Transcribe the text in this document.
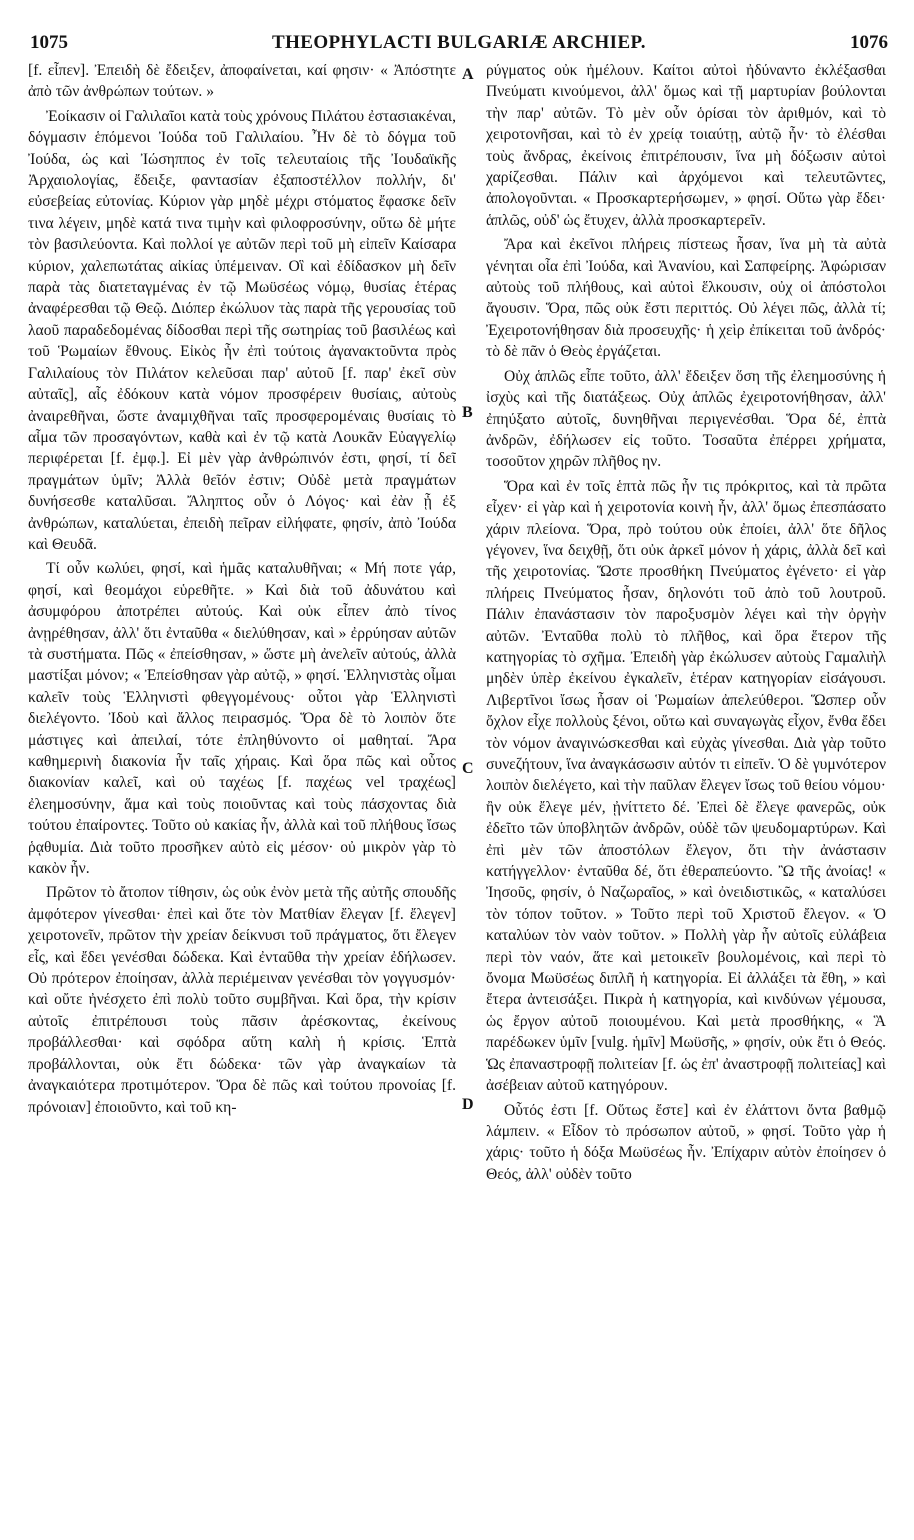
1075	THEOPHYLACTI BULGARIÆ ARCHIEP.	1076

[f. εἶπεν]. Ἐπειδὴ δὲ ἔδειξεν, ἀποφαίνεται, καί φησιν· « Ἀπόστητε ἀπὸ τῶν ἀνθρώπων τούτων. »

Ἐοίκασιν οἱ Γαλιλαῖοι κατὰ τοὺς χρόνους Πιλάτου ἐστασιακέναι, δόγμασιν ἑπόμενοι Ἰούδα τοῦ Γαλιλαίου. Ἦν δὲ τὸ δόγμα τοῦ Ἰούδα, ὡς καὶ Ἰώσηππος ἐν τοῖς τελευταίοις τῆς Ἰουδαϊκῆς Ἀρχαιολογίας, ἔδειξε, φαντασίαν ἐξαποστέλλον πολλήν, δι' εὐσεβείας εὐτονίας. Κύριον γὰρ μηδὲ μέχρι στόματος ἔφασκε δεῖν τινα λέγειν, μηδὲ κατά τινα τιμὴν καὶ φιλοφροσύνην, οὕτω δὲ μήτε τὸν βασιλεύοντα. Καὶ πολλοί γε αὐτῶν περὶ τοῦ μὴ εἰπεῖν Καίσαρα κύριον, χαλεπωτάτας αἰκίας ὑπέμειναν. Οἳ καὶ ἐδίδασκον μὴ δεῖν παρὰ τὰς διατεταγμένας ἐν τῷ Μωϋσέως νόμῳ, θυσίας ἑτέρας ἀναφέρεσθαι τῷ Θεῷ. Διόπερ ἐκώλυον τὰς παρὰ τῆς γερουσίας τοῦ λαοῦ παραδεδομένας δίδοσθαι περὶ τῆς σωτηρίας τοῦ βασιλέως καὶ τοῦ Ῥωμαίων ἔθνους. Εἰκὸς ἦν ἐπὶ τούτοις ἀγανακτοῦντα πρὸς Γαλιλαίους τὸν Πιλάτον κελεῦσαι παρ' αὐτοῦ [f. παρ' ἐκεῖ σὺν αὐταῖς], αἷς ἐδόκουν κατὰ νόμον προσφέρειν θυσίαις, αὐτοὺς ἀναιρεθῆναι, ὥστε ἀναμιχθῆναι ταῖς προσφερομέναις θυσίαις τὸ αἷμα τῶν προσαγόντων, καθὰ καὶ ἐν τῷ κατὰ Λουκᾶν Εὐαγγελίῳ περιφέρεται [f. ἐμφ.]. Εἰ μὲν γὰρ ἀνθρώπινόν ἐστι, φησί, τί δεῖ πραγμάτων ὑμῖν; Ἀλλὰ θεῖόν ἐστιν; Οὐδὲ μετὰ πραγμάτων δυνήσεσθε καταλῦσαι. Ἄληπτος οὖν ὁ Λόγος· καὶ ἐὰν ᾖ ἐξ ἀνθρώπων, καταλύεται, ἐπειδὴ πεῖραν εἰλήφατε, φησίν, ἀπὸ Ἰούδα καὶ Θευδᾶ.

Τί οὖν κωλύει, φησί, καὶ ἡμᾶς καταλυθῆναι; « Μή ποτε γάρ, φησί, καὶ θεομάχοι εὑρεθῆτε. » Καὶ διὰ τοῦ ἀδυνάτου καὶ ἀσυμφόρου ἀποτρέπει αὐτούς. Καὶ οὐκ εἶπεν ἀπὸ τίνος ἀνῃρέθησαν, ἀλλ' ὅτι ἐνταῦθα « διελύθησαν, καὶ » ἐρρύησαν αὐτῶν τὰ συστήματα. Πῶς « ἐπείσθησαν, » ὥστε μὴ ἀνελεῖν αὐτούς, ἀλλὰ μαστίξαι μόνον; « Ἐπείσθησαν γὰρ αὐτῷ, » φησί. Ἑλληνιστὰς οἶμαι καλεῖν τοὺς Ἑλληνιστὶ φθεγγομένους· οὗτοι γὰρ Ἑλληνιστὶ διελέγοντο. Ἰδοὺ καὶ ἄλλος πειρασμός. Ὅρα δὲ τὸ λοιπὸν ὅτε μάστιγες καὶ ἀπειλαί, τότε ἐπληθύνοντο οἱ μαθηταί. Ἄρα καθημερινὴ διακονία ἦν ταῖς χήραις. Καὶ ὅρα πῶς καὶ οὗτος διακονίαν καλεῖ, καὶ οὐ ταχέως [f. παχέως vel τραχέως] ἐλεημοσύνην, ἅμα καὶ τοὺς ποιοῦντας καὶ τοὺς πάσχοντας διὰ τούτου ἐπαίροντες. Τοῦτο οὐ κακίας ἦν, ἀλλὰ καὶ τοῦ πλήθους ἴσως ῥᾳθυμία. Διὰ τοῦτο προσῆκεν αὐτὸ εἰς μέσον· οὐ μικρὸν γὰρ τὸ κακὸν ἦν.

Πρῶτον τὸ ἄτοπον τίθησιν, ὡς οὐκ ἐνὸν μετὰ τῆς αὐτῆς σπουδῆς ἀμφότερον γίνεσθαι· ἐπεὶ καὶ ὅτε τὸν Ματθίαν ἔλεγαν [f. ἔλεγεν] χειροτονεῖν, πρῶτον τὴν χρείαν δείκνυσι τοῦ πράγματος, ὅτι ἔλεγεν εἷς, καὶ ἔδει γενέσθαι δώδεκα. Καὶ ἐνταῦθα τὴν χρείαν ἐδήλωσεν. Οὐ πρότερον ἐποίησαν, ἀλλὰ περιέμειναν γενέσθαι τὸν γογγυσμόν· καὶ οὔτε ἠνέσχετο ἐπὶ πολὺ τοῦτο συμβῆναι. Καὶ ὅρα, τὴν κρίσιν αὐτοῖς ἐπιτρέπουσι τοὺς πᾶσιν ἀρέσκοντας, ἐκείνους προβάλλεσθαι· καὶ σφόδρα αὕτη καλὴ ἡ κρίσις. Ἑπτὰ προβάλλονται, οὐκ ἔτι δώδεκα· τῶν γὰρ ἀναγκαίων τὰ ἀναγκαιότερα προτιμότερον. Ὅρα δὲ πῶς καὶ τούτου προνοίας [f. πρόνοιαν] ἐποιοῦντο, καὶ τοῦ κη-

A
B
C
D

ρύγματος οὐκ ἠμέλουν. Καίτοι αὐτοὶ ἠδύναντο ἐκλέξασθαι Πνεύματι κινούμενοι, ἀλλ' ὅμως καὶ τῇ μαρτυρίαν βούλονται τὴν παρ' αὐτῶν. Τὸ μὲν οὖν ὁρίσαι τὸν ἀριθμόν, καὶ τὸ χειροτονῆσαι, καὶ τὸ ἐν χρείᾳ τοιαύτῃ, αὐτῷ ἦν· τὸ ἐλέσθαι τοὺς ἄνδρας, ἐκείνοις ἐπιτρέπουσιν, ἵνα μὴ δόξωσιν αὐτοὶ χαρίζεσθαι. Πάλιν καὶ ἀρχόμενοι καὶ τελευτῶντες, ἀπολογοῦνται. « Προσκαρτερήσωμεν, » φησί. Οὕτω γὰρ ἔδει· ἁπλῶς, οὐδ' ὡς ἔτυχεν, ἀλλὰ προσκαρτερεῖν.

Ἄρα καὶ ἐκεῖνοι πλήρεις πίστεως ἦσαν, ἵνα μὴ τὰ αὐτὰ γένηται οἷα ἐπὶ Ἰούδα, καὶ Ἀνανίου, καὶ Σαπφείρης. Ἀφώρισαν αὐτοὺς τοῦ πλήθους, καὶ αὐτοὶ ἕλκουσιν, οὐχ οἱ ἀπόστολοι ἄγουσιν. Ὅρα, πῶς οὐκ ἔστι περιττός. Οὐ λέγει πῶς, ἀλλὰ τί; Ἐχειροτονήθησαν διὰ προσευχῆς· ἡ χεὶρ ἐπίκειται τοῦ ἀνδρός· τὸ δὲ πᾶν ὁ Θεὸς ἐργάζεται.

Οὐχ ἁπλῶς εἶπε τοῦτο, ἀλλ' ἔδειξεν ὅση τῆς ἐλεημοσύνης ἡ ἰσχὺς καὶ τῆς διατάξεως. Οὐχ ἁπλῶς ἐχειροτονήθησαν, ἀλλ' ἐπηύξατο αὐτοῖς, δυνηθῆναι περιγενέσθαι. Ὅρα δέ, ἐπτὰ ἀνδρῶν, ἐδήλωσεν εἰς τοῦτο. Τοσαῦτα ἐπέρρει χρήματα, τοσοῦτον χηρῶν πλῆθος ην.

Ὅρα καὶ ἐν τοῖς ἑπτὰ πῶς ἦν τις πρόκριτος, καὶ τὰ πρῶτα εἶχεν· εἰ γὰρ καὶ ἡ χειροτονία κοινὴ ἦν, ἀλλ' ὅμως ἐπεσπάσατο χάριν πλείονα. Ὅρα, πρὸ τούτου οὐκ ἐποίει, ἀλλ' ὅτε δῆλος γέγονεν, ἵνα δειχθῇ, ὅτι οὐκ ἀρκεῖ μόνον ἡ χάρις, ἀλλὰ δεῖ καὶ τῆς χειροτονίας. Ὥστε προσθήκη Πνεύματος ἐγένετο· εἰ γὰρ πλήρεις Πνεύματος ἦσαν, δηλονότι τοῦ ἀπὸ τοῦ λουτροῦ. Πάλιν ἐπανάστασιν τὸν παροξυσμὸν λέγει καὶ τὴν ὀργὴν αὐτῶν. Ἐνταῦθα πολὺ τὸ πλῆθος, καὶ ὅρα ἕτερον τῆς κατηγορίας τὸ σχῆμα. Ἐπειδὴ γὰρ ἐκώλυσεν αὐτοὺς Γαμαλιὴλ μηδὲν ὑπὲρ ἐκείνου ἐγκαλεῖν, ἑτέραν κατηγορίαν εἰσάγουσι. Λιβερτῖνοι ἴσως ἦσαν οἱ Ῥωμαίων ἀπελεύθεροι. Ὥσπερ οὖν ὄχλον εἶχε πολλοὺς ξένοι, οὕτω καὶ συναγωγὰς εἶχον, ἔνθα ἔδει τὸν νόμον ἀναγινώσκεσθαι καὶ εὐχὰς γίνεσθαι. Διὰ γὰρ τοῦτο συνεζήτουν, ἵνα ἀναγκάσωσιν αὐτόν τι εἰπεῖν. Ὁ δὲ γυμνότερον λοιπὸν διελέγετο, καὶ τὴν παῦλαν ἔλεγεν ἴσως τοῦ θείου νόμου· ἢν οὐκ ἔλεγε μέν, ᾐνίττετο δέ. Ἐπεὶ δὲ ἔλεγε φανερῶς, οὐκ ἐδεῖτο τῶν ὑποβλητῶν ἀνδρῶν, οὐδὲ τῶν ψευδομαρτύρων. Καὶ ἐπὶ μὲν τῶν ἀποστόλων ἔλεγον, ὅτι τὴν ἀνάστασιν κατήγγελλον· ἐνταῦθα δέ, ὅτι ἐθεραπεύοντο. Ὢ τῆς ἀνοίας! « Ἰησοῦς, φησίν, ὁ Ναζωραῖος, » καὶ ὀνειδιστικῶς, « καταλύσει τὸν τόπον τοῦτον. » Τοῦτο περὶ τοῦ Χριστοῦ ἔλεγον. « Ὁ καταλύων τὸν ναὸν τοῦτον. » Πολλὴ γὰρ ἦν αὐτοῖς εὐλάβεια περὶ τὸν ναόν, ἅτε καὶ μετοικεῖν βουλομένοις, καὶ περὶ τὸ ὄνομα Μωϋσέως διπλῆ ἡ κατηγορία. Εἰ ἀλλάξει τὰ ἔθη, » καὶ ἔτερα ἀντεισάξει. Πικρὰ ἡ κατηγορία, καὶ κινδύνων γέμουσα, ὡς ἔργον αὐτοῦ ποιουμένου. Καὶ μετὰ προσθήκης, « Ἃ παρέδωκεν ὑμῖν [vulg. ἡμῖν] Μωϋσῆς, » φησίν, οὐκ ἔτι ὁ Θεός. Ὡς ἐπαναστροφῇ πολιτείαν [f. ὡς ἐπ' ἀναστροφῇ πολιτείας] καὶ ἀσέβειαν αὐτοῦ κατηγόρουν.

Οὗτός ἐστι [f. Οὕτως ἔστε] καὶ ἐν ἐλάττονι ὄντα βαθμῷ λάμπειν. « Εἶδον τὸ πρόσωπον αὐτοῦ, » φησί. Τοῦτο γὰρ ἡ χάρις· τοῦτο ἡ δόξα Μωϋσέως ἦν. Ἐπίχαριν αὐτὸν ἐποίησεν ὁ Θεός, ἀλλ' οὐδὲν τοῦτο
